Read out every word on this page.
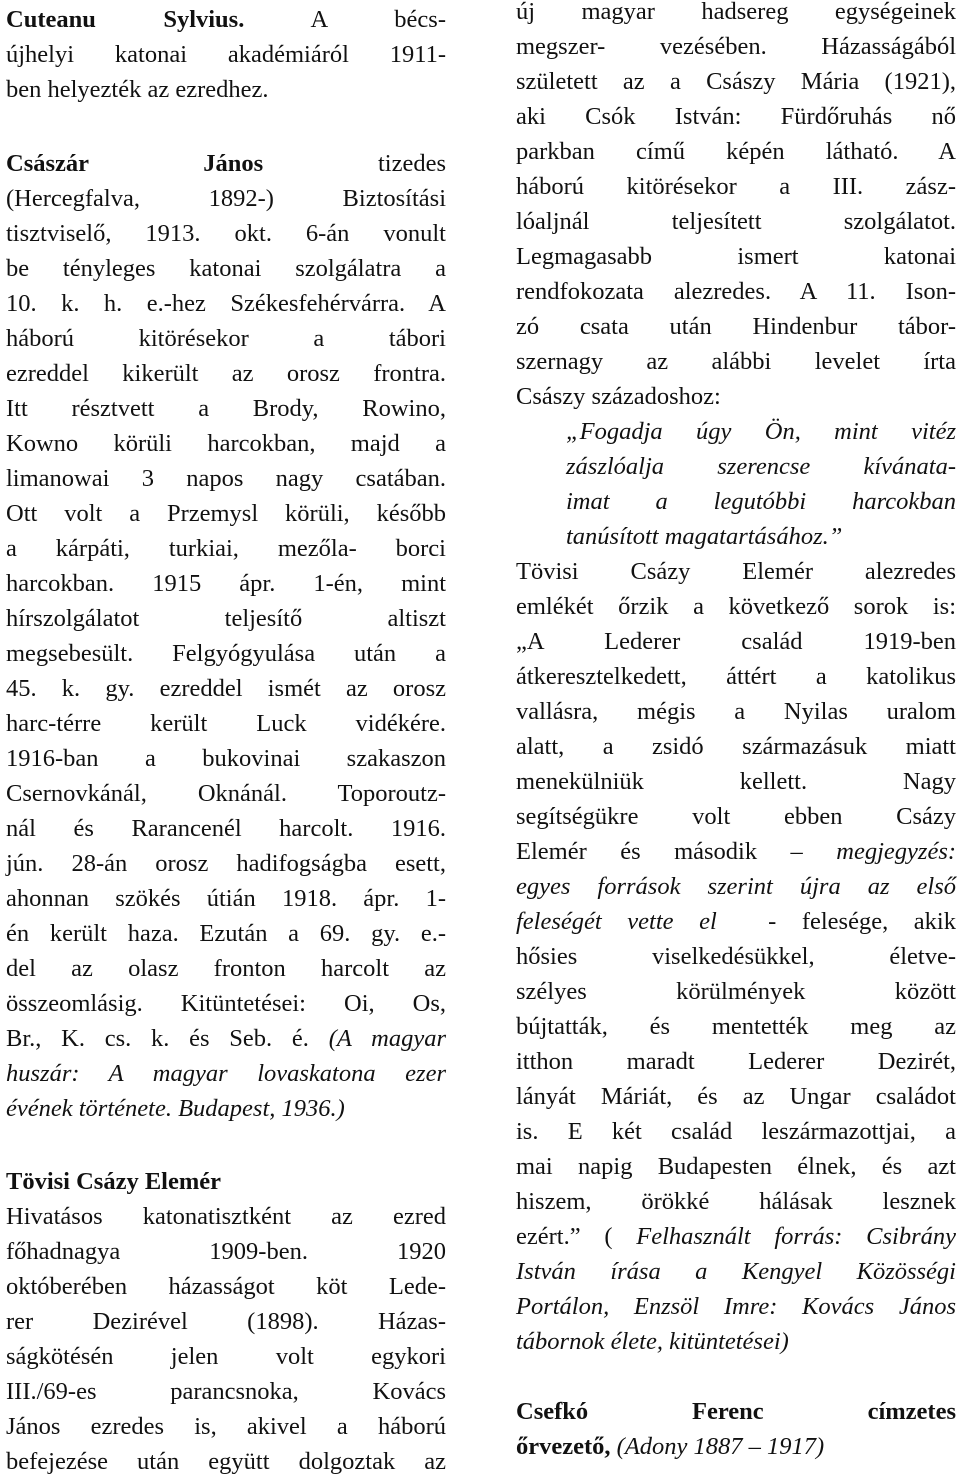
Cuteanu Sylvius.	A bécs-
újhelyi katonai akadémiáról 1911-
ben helyezték az ezredhez.
Császár János	tizedes
(Hercegfalva, 1892-) Biztosítási
tisztviselő, 1913. okt. 6-án vonult
be tényleges katonai szolgálatra a
10. k. h. e.-hez Székesfehérvárra. A
háború kitörésekor a tábori
ezreddel kikerült az orosz frontra.
Itt résztvett a Brody, Rowino,
Kowno körüli harcokban, majd a
limanowai 3 napos nagy csatában.
Ott volt a Przemysl körüli, később
a kárpáti, turkiai, mezőla- borci
harcokban. 1915 ápr. 1-én, mint
hírszolgálatot teljesítő altiszt
megsebesült. Felgyógyulása után a
45. k. gy. ezreddel ismét az orosz
harc-térre került Luck vidékére.
1916-ban a bukovinai szakaszon
Csernovkánál, Oknánál. Toporoutz-
nál és Rarancenél harcolt. 1916.
jún. 28-án orosz hadifogságba esett,
ahonnan szökés útián 1918. ápr. 1-
én került haza. Ezután a 69. gy. e.-
del az olasz fronton harcolt az
összeomlásig. Kitüntetései: Oi, Os,
Br., K. cs. k. és Seb. é. (A magyar
huszár: A magyar lovaskatona ezer
évének története. Budapest, 1936.)
Tövisi Csázy Elemér
Hivatásos katonatisztként az ezred
főhadnagya 1909-ben. 1920
októberében házasságot köt Lede-
rer Dezirével (1898). Házas-
ságkötésén jelen volt egykori
III./69-es parancsnoka, Kovács
János ezredes is, akivel a háború
befejezése után együtt dolgoztak az
új magyar hadsereg egységeinek
megszer- vezésében. Házasságából
született az a Császy Mária (1921),
aki Csók István: Fürdőruhás nő
parkban című képén látható. A
háború kitörésekor a III. zász-
lóaljnál teljesített szolgálatot.
Legmagasabb ismert katonai
rendfokozata alezredes. A 11. Ison-
zó csata után Hindenbur tábor-
szernagy az alábbi levelet írta
Császy századoshoz:
„Fogadja úgy Ön, mint vitéz
zászlóalja szerencse kívánata-
imat a legutóbbi harcokban
tanúsított magatartásához.”
Tövisi Csázy Elemér alezredes
emlékét őrzik a következő sorok is:
„A Lederer család 1919-ben
átkeresztelkedett, áttért a katolikus
vallásra, mégis a Nyilas uralom
alatt, a zsidó származásuk miatt
menekülniük kellett. Nagy
segítségükre volt ebben Csázy
Elemér és második – megjegyzés:
egyes források szerint újra az első
feleségét vette el  - felesége, akik
hősies viselkedésükkel, életve-
szélyes körülmények között
bújtatták, és mentették meg az
itthon maradt Lederer Dezirét,
lányát Máriát, és az Ungar családot
is. E két család leszármazottjai, a
mai napig Budapesten élnek, és azt
hiszem, örökké hálásak lesznek
ezért.” ( Felhasznált forrás: Csibrány
István írása a Kengyel Közösségi
Portálon, Enzsöl Imre: Kovács János
tábornok élete, kitüntetései)
Csefkó Ferenc	címzetes
őrvezető, (Adony 1887 – 1917)
